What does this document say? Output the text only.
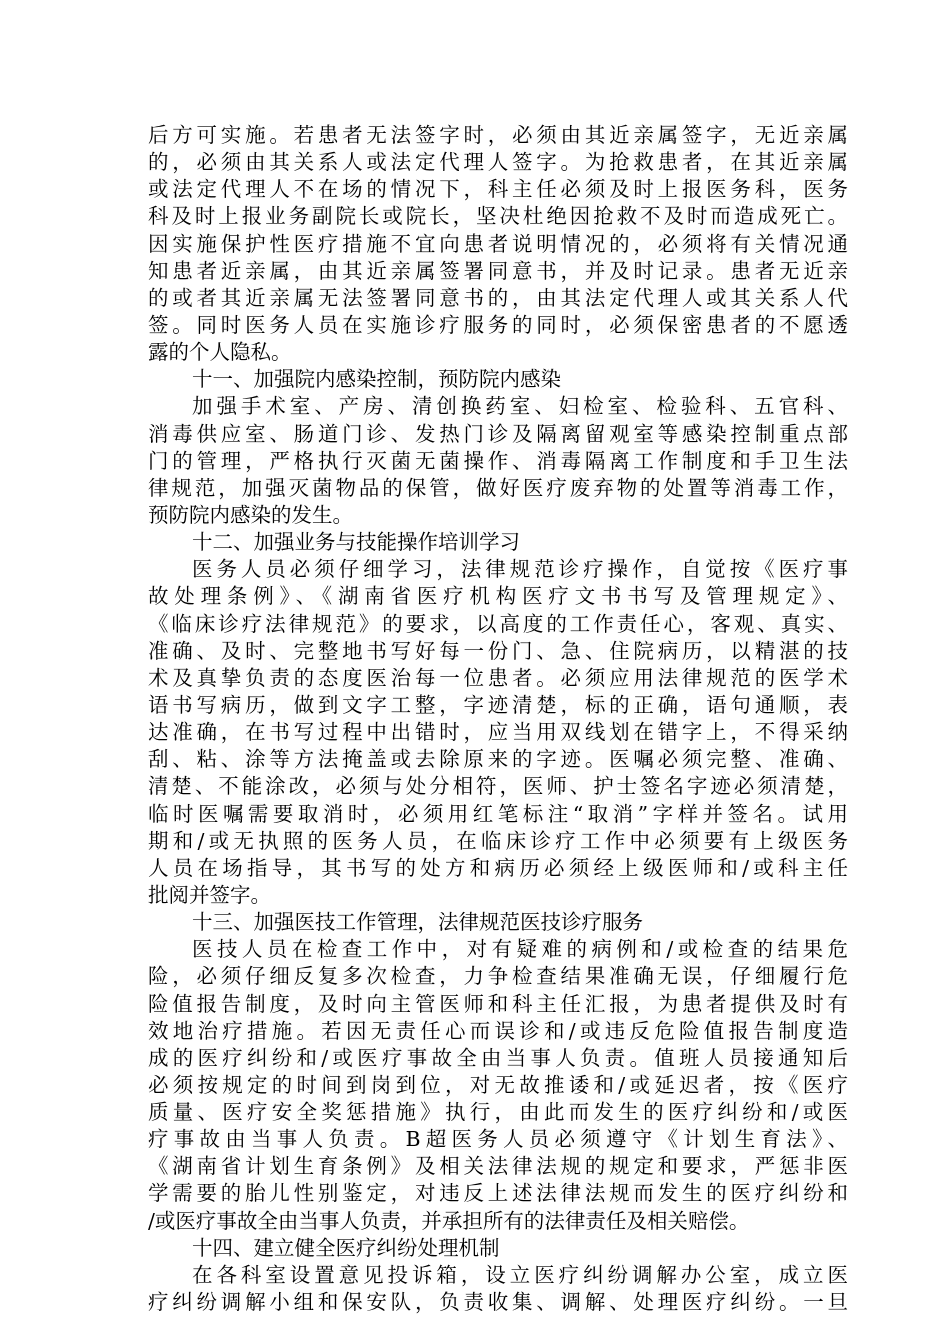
后方可实施。若患者无法签字时，必须由其近亲属签字，无近亲属
的，必须由其关系人或法定代理人签字。为抢救患者，在其近亲属
或法定代理人不在场的情况下，科主任必须及时上报医务科，医务
科及时上报业务副院长或院长，坚决杜绝因抢救不及时而造成死亡。
因实施保护性医疗措施不宜向患者说明情况的，必须将有关情况通
知患者近亲属，由其近亲属签署同意书，并及时记录。患者无近亲
的或者其近亲属无法签署同意书的，由其法定代理人或其关系人代
签。同时医务人员在实施诊疗服务的同时，必须保密患者的不愿透
露的个人隐私。
十一、加强院内感染控制，预防院内感染
加强手术室、产房、清创换药室、妇检室、检验科、五官科、
消毒供应室、肠道门诊、发热门诊及隔离留观室等感染控制重点部
门的管理，严格执行灭菌无菌操作、消毒隔离工作制度和手卫生法
律规范，加强灭菌物品的保管，做好医疗废弃物的处置等消毒工作，
预防院内感染的发生。
十二、加强业务与技能操作培训学习
医务人员必须仔细学习，法律规范诊疗操作，自觉按《医疗事
故处理条例》、《湖南省医疗机构医疗文书书写及管理规定》、
《临床诊疗法律规范》的要求，以高度的工作责任心，客观、真实、
准确、及时、完整地书写好每一份门、急、住院病历，以精湛的技
术及真挚负责的态度医治每一位患者。必须应用法律规范的医学术
语书写病历，做到文字工整，字迹清楚，标的正确，语句通顺，表
达准确，在书写过程中出错时，应当用双线划在错字上，不得采纳
刮、粘、涂等方法掩盖或去除原来的字迹。医嘱必须完整、准确、
清楚、不能涂改，必须与处分相符，医师、护士签名字迹必须清楚，
临时医嘱需要取消时，必须用红笔标注“取消”字样并签名。试用
期和/或无执照的医务人员，在临床诊疗工作中必须要有上级医务
人员在场指导，其书写的处方和病历必须经上级医师和/或科主任
批阅并签字。
十三、加强医技工作管理，法律规范医技诊疗服务
医技人员在检查工作中，对有疑难的病例和/或检查的结果危
险，必须仔细反复多次检查，力争检查结果准确无误，仔细履行危
险值报告制度，及时向主管医师和科主任汇报，为患者提供及时有
效地治疗措施。若因无责任心而误诊和/或违反危险值报告制度造
成的医疗纠纷和/或医疗事故全由当事人负责。值班人员接通知后
必须按规定的时间到岗到位，对无故推诿和/或延迟者，按《医疗
质量、医疗安全奖惩措施》执行，由此而发生的医疗纠纷和/或医
疗事故由当事人负责。B超医务人员必须遵守《计划生育法》、
《湖南省计划生育条例》及相关法律法规的规定和要求，严惩非医
学需要的胎儿性别鉴定，对违反上述法律法规而发生的医疗纠纷和
/或医疗事故全由当事人负责，并承担所有的法律责任及相关赔偿。
十四、建立健全医疗纠纷处理机制
在各科室设置意见投诉箱，设立医疗纠纷调解办公室，成立医
疗纠纷调解小组和保安队，负责收集、调解、处理医疗纠纷。一旦
